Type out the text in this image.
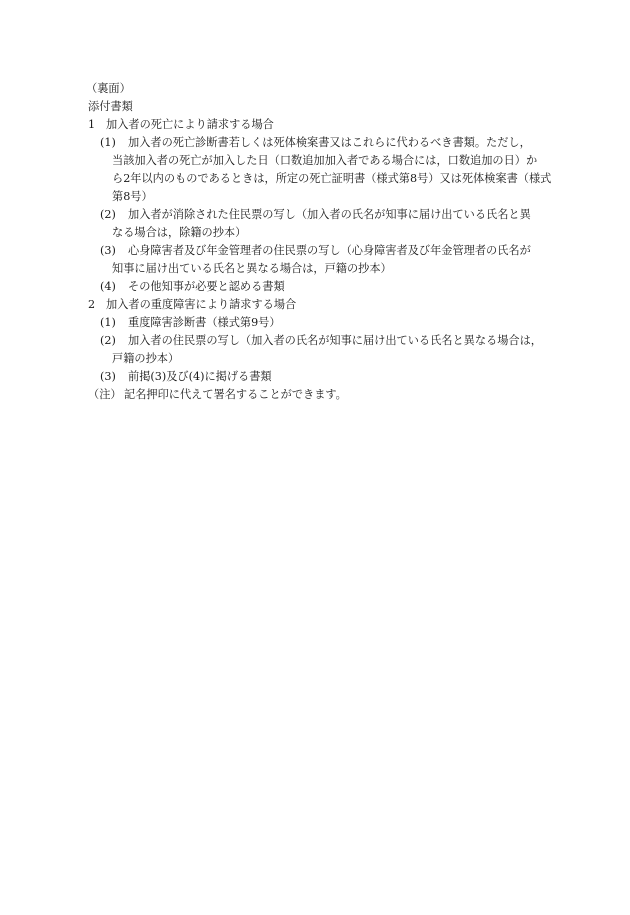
（裏面）
添付書類
1 加入者の死亡により請求する場合
(1) 加入者の死亡診断書若しくは死体検案書又はこれらに代わるべき書類。ただし，
当該加入者の死亡が加入した日（口数追加加入者である場合には，口数追加の日）か
ら2年以内のものであるときは，所定の死亡証明書（様式第8号）又は死体検案書（様式
第8号）
(2) 加入者が消除された住民票の写し（加入者の氏名が知事に届け出ている氏名と異
なる場合は，除籍の抄本）
(3) 心身障害者及び年金管理者の住民票の写し（心身障害者及び年金管理者の氏名が
知事に届け出ている氏名と異なる場合は，戸籍の抄本）
(4) その他知事が必要と認める書類
2 加入者の重度障害により請求する場合
(1) 重度障害診断書（様式第9号）
(2) 加入者の住民票の写し（加入者の氏名が知事に届け出ている氏名と異なる場合は，
戸籍の抄本）
(3) 前掲(3)及び(4)に掲げる書類
（注） 記名押印に代えて署名することができます。
